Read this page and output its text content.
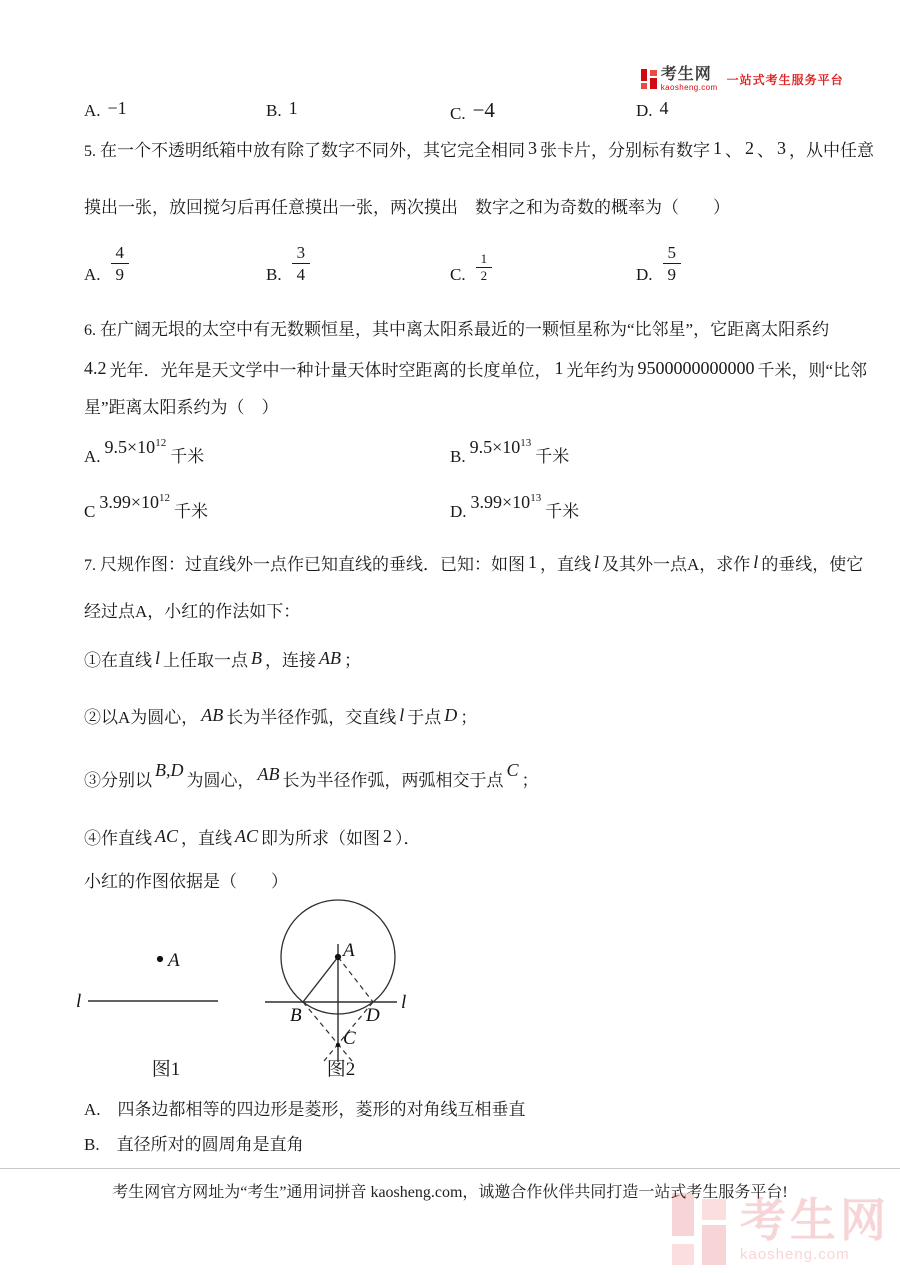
考生网
kaosheng.com
一站式考生服务平台
A. −1	B. 1	C. −4	D. 4
5. 在一个不透明纸箱中放有除了数字不同外，其它完全相同 3 张卡片，分别标有数字 1 、 2 、 3 ，从中任意
摸出一张，放回搅匀后再任意摸出一张，两次摸出　数字之和为奇数的概率为（　　）
A. $\frac{4}{9}$	B. $\frac{3}{4}$	C. $\frac{1}{2}$	D. $\frac{5}{9}$
6. 在广阔无垠的太空中有无数颗恒星，其中离太阳系最近的一颗恒星称为“比邻星”，它距离太阳系约
4.2 光年．光年是天文学中一种计量天体时空距离的长度单位， 1 光年约为 9500000000000 千米，则“比邻
星”距离太阳系约为（　）
A. $9.5\times 10^{12}$千米	B. $9.5\times 10^{13}$千米
C $3.99\times 10^{12}$千米	D. $3.99\times 10^{13}$千米
7. 尺规作图：过直线外一点作已知直线的垂线．已知：如图 1 ，直线 l 及其外一点A，求作 l 的垂线，使它
经过点A，小红的作法如下：
①在直线 l 上任取一点 B ，连接 AB ；
②以A为圆心， AB 长为半径作弧，交直线 l 于点 D ；
③分别以B,D为圆心， AB 长为半径作弧，两弧相交于点C；
④作直线 AC ，直线 AC 即为所求（如图 2 ）．
小红的作图依据是（　　）
A
l	l
A
B	D
C
图1	图2
A.　 四条边都相等的四边形是菱形，菱形的对角线互相垂直
B.　 直径所对的圆周角是直角
考生网官方网址为“考生”通用词拼音 kaosheng.com，诚邀合作伙伴共同打造一站式考生服务平台!
考生网
kaosheng.com
